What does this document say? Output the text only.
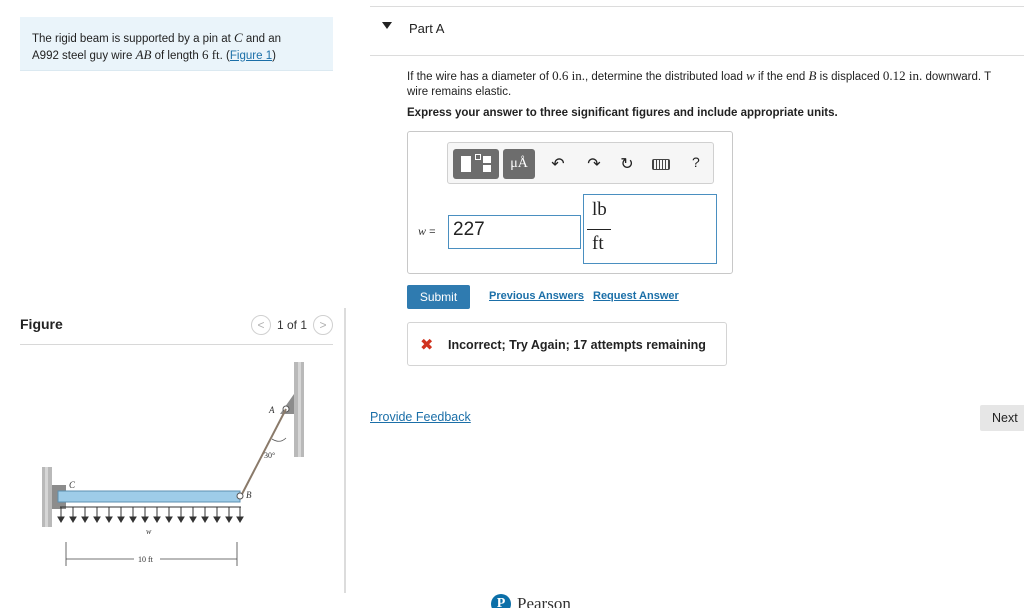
The rigid beam is supported by a pin at C and an
A992 steel guy wire AB of length 6 ft. (Figure 1)
Figure	< 1 of 1 >
A
B
C
w
30°
10 ft
Part A
If the wire has a diameter of 0.6 in., determine the distributed load w if the end B is displaced 0.12 in. downward. T
wire remains elastic.
Express your answer to three significant figures and include appropriate units.
μÅ	↶ ↷ ↻	?
w = 227
lb
ft
Submit	Previous Answers Request Answer
✖ Incorrect; Try Again; 17 attempts remaining
Provide Feedback	Next
P Pearson
